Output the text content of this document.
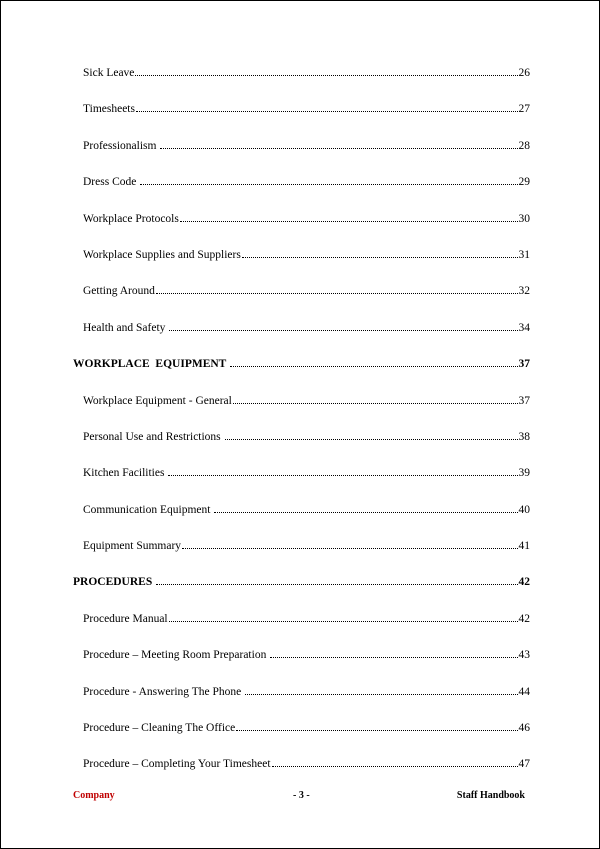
Sick Leave	26
Timesheets	27
Professionalism	28
Dress Code	29
Workplace Protocols	30
Workplace Supplies and Suppliers	31
Getting Around	32
Health and Safety	34
WORKPLACE  EQUIPMENT	37
Workplace Equipment - General	37
Personal Use and Restrictions	38
Kitchen Facilities	39
Communication Equipment	40
Equipment Summary	41
PROCEDURES	42
Procedure Manual	42
Procedure – Meeting Room Preparation	43
Procedure - Answering The Phone	44
Procedure – Cleaning The Office	46
Procedure – Completing Your Timesheet	47
Company	- 3 -	Staff Handbook
